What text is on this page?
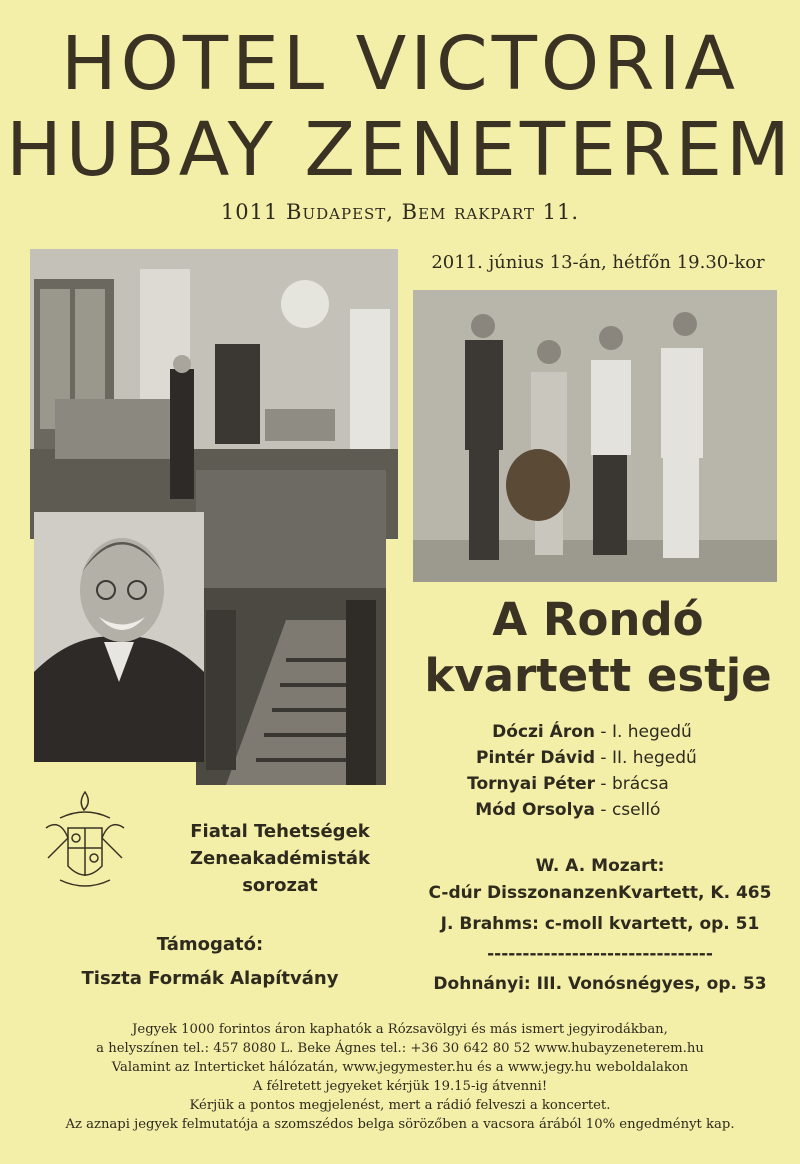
HOTEL VICTORIA
HUBAY ZENETEREM
1011 Budapest, Bem rakpart 11.
2011. június 13-án, hétfőn 19.30-kor
A Rondó
kvartett estje
Dóczi Áron - I. hegedű
Pintér Dávid - II. hegedű
Tornyai Péter - brácsa
Mód Orsolya - cselló
Fiatal Tehetségek
Zeneakadémisták
sorozat
Támogató:
Tiszta Formák Alapítvány
W. A. Mozart:
C-dúr DisszonanzenKvartett, K. 465
J. Brahms: c-moll kvartett, op. 51
--------------------------------
Dohnányi: III. Vonósnégyes, op. 53
Jegyek 1000 forintos áron kaphatók a Rózsavölgyi és más ismert jegyirodákban,
a helyszínen tel.: 457 8080 L. Beke Ágnes tel.: +36 30 642 80 52 www.hubayzeneterem.hu
Valamint az Interticket hálózatán, www.jegymester.hu és a www.jegy.hu weboldalakon
A félretett jegyeket kérjük 19.15-ig átvenni!
Kérjük a pontos megjelenést, mert a rádió felveszi a koncertet.
Az aznapi jegyek felmutatója a szomszédos belga sörözőben a vacsora árából 10% engedményt kap.
